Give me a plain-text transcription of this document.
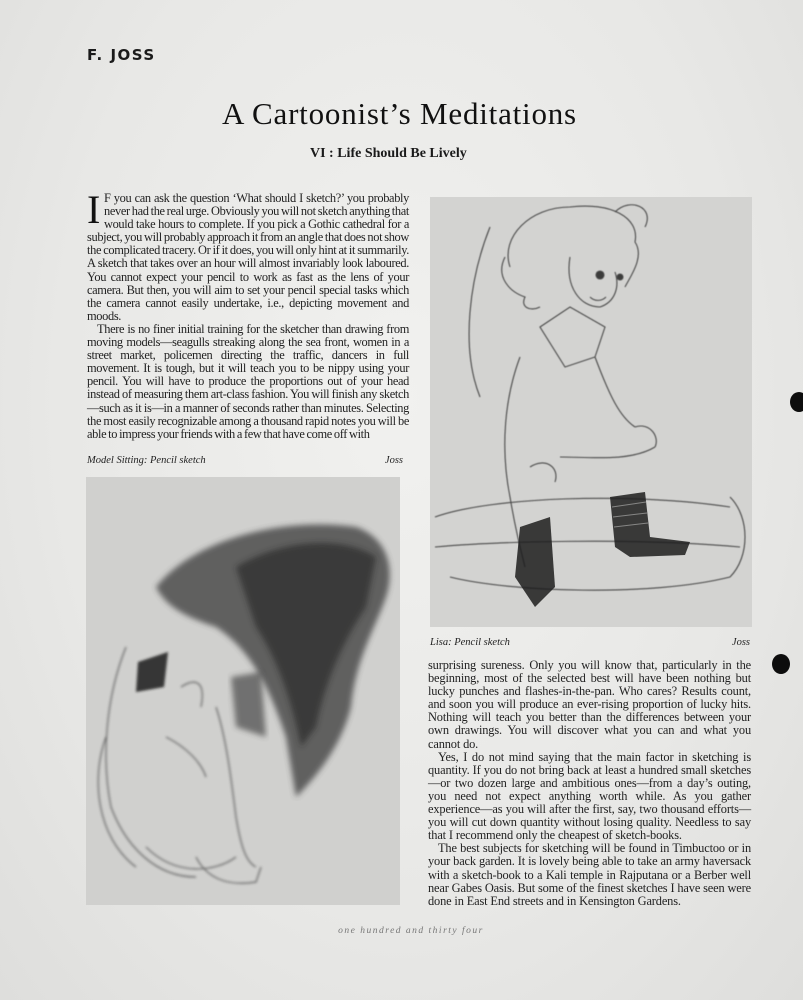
F. JOSS
A Cartoonist’s Meditations
VI : Life Should Be Lively

I F you can ask the question ‘What should I sketch?’ you probably never had the real urge. Obviously you will not sketch anything that would take hours to complete. If you pick a Gothic cathedral for a subject, you will probably approach it from an angle that does not show the complicated tracery. Or if it does, you will only hint at it summarily. A sketch that takes over an hour will almost invariably look laboured. You cannot expect your pencil to work as fast as the lens of your camera. But then, you will aim to set your pencil special tasks which the camera cannot easily undertake, i.e., depicting movement and moods.

There is no finer initial training for the sketcher than drawing from moving models—seagulls streaking along the sea front, women in a street market, policemen directing the traffic, dancers in full movement. It is tough, but it will teach you to be nippy using your pencil. You will have to produce the proportions out of your head instead of measuring them art-class fashion. You will finish any sketch—such as it is—in a manner of seconds rather than minutes. Selecting the most easily recognizable among a thousand rapid notes you will be able to impress your friends with a few that have come off with

Model Sitting: Pencil sketch	Joss
Lisa: Pencil sketch	Joss

surprising sureness. Only you will know that, particularly in the beginning, most of the selected best will have been nothing but lucky punches and flashes-in-the-pan. Who cares? Results count, and soon you will produce an ever-rising proportion of lucky hits. Nothing will teach you better than the differences between your own drawings. You will discover what you can and what you cannot do.

Yes, I do not mind saying that the main factor in sketching is quantity. If you do not bring back at least a hundred small sketches—or two dozen large and ambitious ones—from a day’s outing, you need not expect anything worth while. As you gather experience—as you will after the first, say, two thousand efforts—you will cut down quantity without losing quality. Needless to say that I recommend only the cheapest of sketch-books.

The best subjects for sketching will be found in Timbuctoo or in your back garden. It is lovely being able to take an army haversack with a sketch-book to a Kali temple in Rajputana or a Berber well near Gabes Oasis. But some of the finest sketches I have seen were done in East End streets and in Kensington Gardens.

one hundred and thirty four
